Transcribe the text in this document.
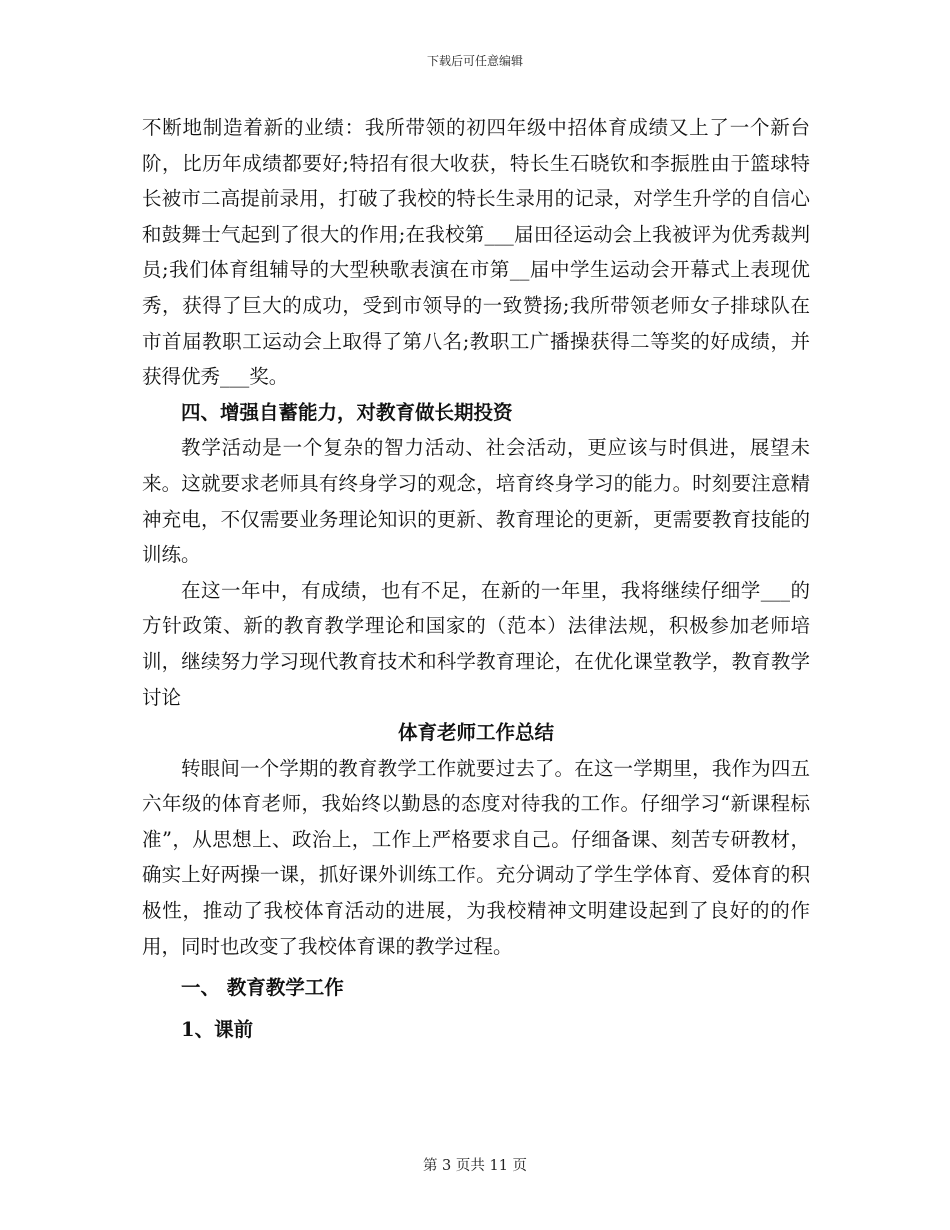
下载后可任意编辑

不断地制造着新的业绩：我所带领的初四年级中招体育成绩又上了一个新台阶，比历年成绩都要好;特招有很大收获，特长生石晓钦和李振胜由于篮球特长被市二高提前录用，打破了我校的特长生录用的记录，对学生升学的自信心和鼓舞士气起到了很大的作用;在我校第___届田径运动会上我被评为优秀裁判员;我们体育组辅导的大型秧歌表演在市第__届中学生运动会开幕式上表现优秀，获得了巨大的成功，受到市领导的一致赞扬;我所带领老师女子排球队在市首届教职工运动会上取得了第八名;教职工广播操获得二等奖的好成绩，并获得优秀___奖。

四、增强自蓄能力，对教育做长期投资

教学活动是一个复杂的智力活动、社会活动，更应该与时俱进，展望未来。这就要求老师具有终身学习的观念，培育终身学习的能力。时刻要注意精神充电，不仅需要业务理论知识的更新、教育理论的更新，更需要教育技能的训练。

在这一年中，有成绩，也有不足，在新的一年里，我将继续仔细学___的方针政策、新的教育教学理论和国家的（范本）法律法规，积极参加老师培训，继续努力学习现代教育技术和科学教育理论，在优化课堂教学，教育教学讨论

体育老师工作总结

转眼间一个学期的教育教学工作就要过去了。在这一学期里，我作为四五六年级的体育老师，我始终以勤恳的态度对待我的工作。仔细学习“新课程标准”，从思想上、政治上，工作上严格要求自己。仔细备课、刻苦专研教材，确实上好两操一课，抓好课外训练工作。充分调动了学生学体育、爱体育的积极性，推动了我校体育活动的进展，为我校精神文明建设起到了良好的的作用，同时也改变了我校体育课的教学过程。

一、 教育教学工作

1、课前

第 3 页共 11 页
